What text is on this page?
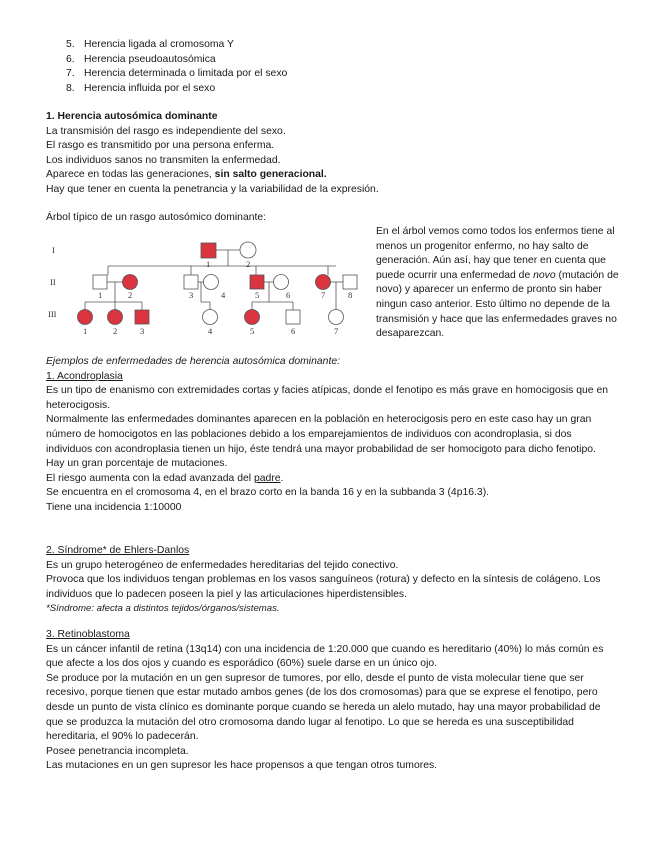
5. Herencia ligada al cromosoma Y
6. Herencia pseudoautosómica
7. Herencia determinada o limitada por el sexo
8. Herencia influida por el sexo

1. Herencia autosómica dominante

La transmisión del rasgo es independiente del sexo.

El rasgo es transmitido por una persona enferma.

Los individuos sanos no transmiten la enfermedad.

Aparece en todas las generaciones, sin salto generacional.

Hay que tener en cuenta la penetrancia y la variabilidad de la expresión.

Árbol típico de un rasgo autosómico dominante:
I
II
III
1	2
1	2	3	4	5	6	7	8
1	2	3	4	5	6	7

En el árbol vemos como todos los enfermos tiene al menos un progenitor enfermo, no hay salto de generación. Aún así, hay que tener en cuenta que puede ocurrir una enfermedad de novo (mutación de novo) y aparecer un enfermo de pronto sin haber ningun caso anterior. Esto último no depende de la transmisión y hace que las enfermedades graves no desaparezcan.

Ejemplos de enfermedades de herencia autosómica dominante:

1. Acondroplasia

Es un tipo de enanismo con extremidades cortas y facies atípicas, donde el fenotipo es más grave en homocigosis que en heterocigosis.

Normalmente las enfermedades dominantes aparecen en la población en heterocigosis pero en este caso hay un gran número de homocigotos en las poblaciones debido a los emparejamientos de individuos con acondroplasia, si dos individuos con acondroplasia tienen un hijo, éste tendrá una mayor probabilidad de ser homocigoto para dicho fenotipo.

Hay un gran porcentaje de mutaciones.

El riesgo aumenta con la edad avanzada del padre.

Se encuentra en el cromosoma 4, en el brazo corto en la banda 16 y en la subbanda 3 (4p16.3).

Tiene una incidencia 1:10000

2. Síndrome* de Ehlers-Danlos

Es un grupo heterogéneo de enfermedades hereditarias del tejido conectivo.

Provoca que los individuos tengan problemas en los vasos sanguíneos (rotura) y defecto en la síntesis de colágeno. Los individuos que lo padecen poseen la piel y las articulaciones hiperdistensibles.

*Síndrome: afecta a distintos tejidos/órganos/sistemas.

3. Retinoblastoma

Es un cáncer infantil de retina (13q14) con una incidencia de 1:20.000 que cuando es hereditario (40%) lo más común es que afecte a los dos ojos y cuando es esporádico (60%) suele darse en un único ojo.

Se produce por la mutación en un gen supresor de tumores, por ello, desde el punto de vista molecular tiene que ser recesivo, porque tienen que estar mutado ambos genes (de los dos cromosomas) para que se exprese el fenotipo, pero desde un punto de vista clínico es dominante porque cuando se hereda un alelo mutado, hay una mayor probabilidad de que se produzca la mutación del otro cromosoma dando lugar al fenotipo. Lo que se hereda es una susceptibilidad hereditaria, el 90% lo padecerán.

Posee penetrancia incompleta.

Las mutaciones en un gen supresor les hace propensos a que tengan otros tumores.
